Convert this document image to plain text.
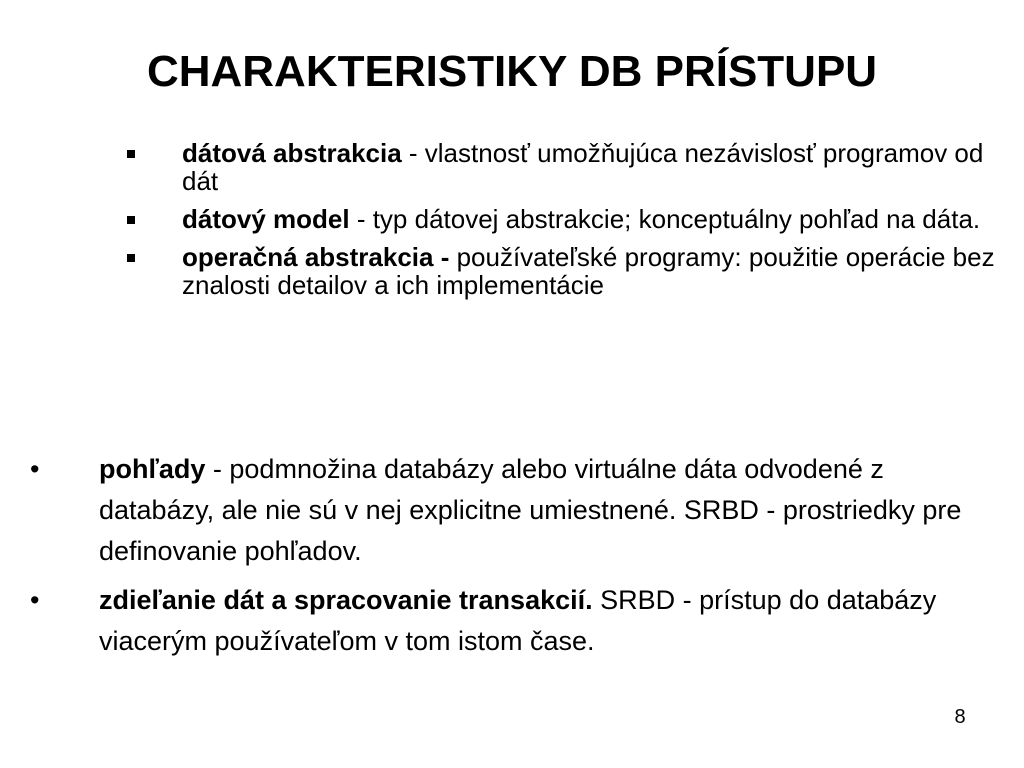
CHARAKTERISTIKY DB PRÍSTUPU
dátová abstrakcia - vlastnosť umožňujúca nezávislosť programov od dát
dátový model - typ dátovej abstrakcie; konceptuálny pohľad na dáta.
operačná abstrakcia - používateľské programy: použitie operácie bez znalosti detailov a ich implementácie
• pohľady - podmnožina databázy alebo virtuálne dáta odvodené z databázy, ale nie sú v nej explicitne umiestnené. SRBD - prostriedky pre definovanie pohľadov.
• zdieľanie dát a spracovanie transakcií. SRBD - prístup do databázy viacerým používateľom v tom istom čase.
8
